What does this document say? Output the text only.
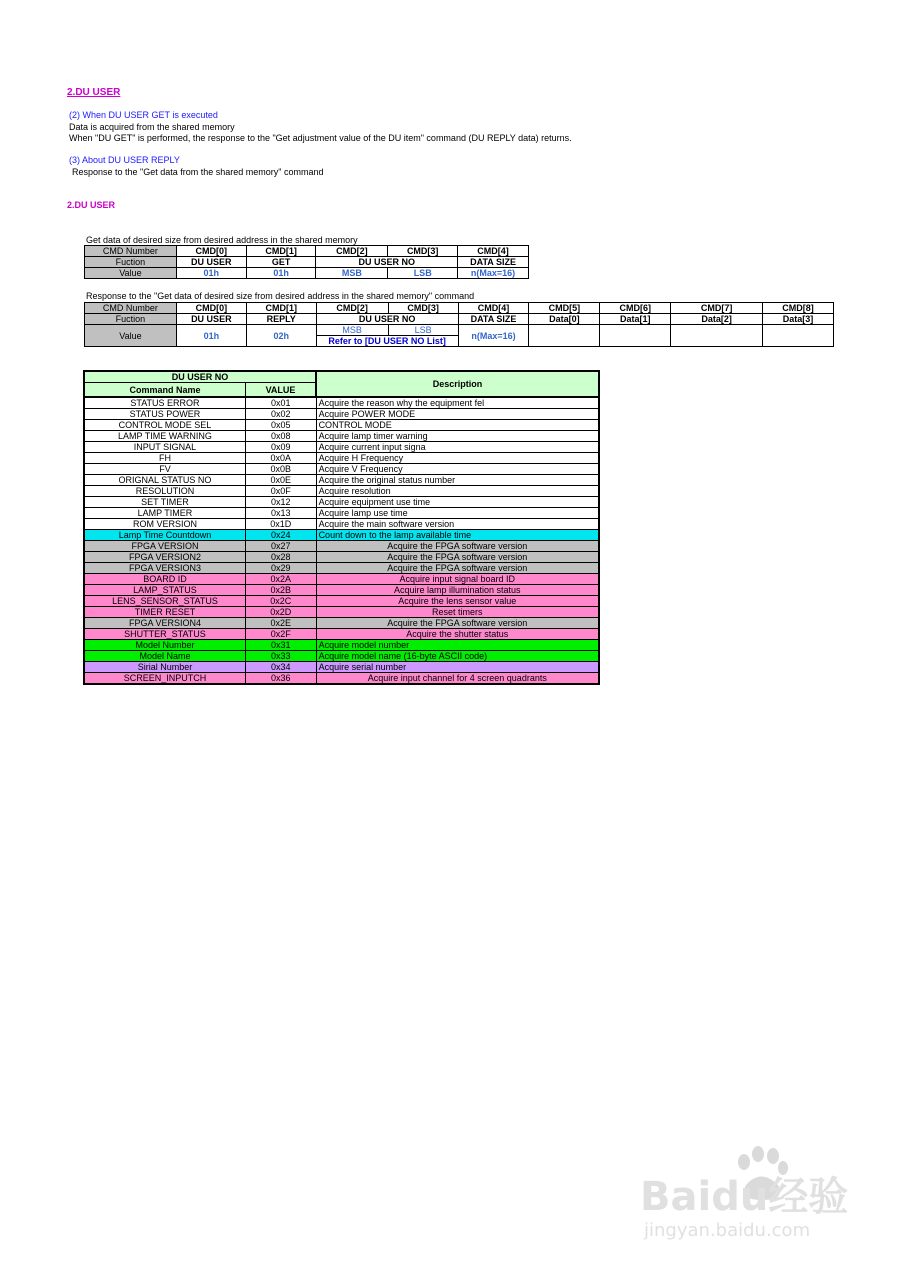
2.DU USER
(2) When DU USER GET is executed
Data is acquired from the shared memory
When "DU GET" is performed, the response to the "Get adjustment value of the DU item" command (DU REPLY data) returns.
(3) About DU USER REPLY
Response to the "Get data from the shared memory" command
2.DU USER
Get data of desired size from desired address in the shared memory
CMD Number	CMD[0]	CMD[1]	CMD[2]	CMD[3]	CMD[4]
Fuction	DU USER	GET	DU USER NO		DATA SIZE
Value	01h	01h	MSB	LSB	n(Max=16)
Response to the "Get data of desired size from desired address in the shared memory" command
CMD Number	CMD[0]	CMD[1]	CMD[2]	CMD[3]	CMD[4]	CMD[5]	CMD[6]	CMD[7]	CMD[8]
Fuction	DU USER	REPLY	DU USER NO		DATA SIZE	Data[0]	Data[1]	Data[2]	Data[3]
Value	01h	02h	MSB	LSB	n(Max=16)				
			Refer to [DU USER NO List]						
DU USER NO		Description
Command Name	VALUE	
STATUS ERROR	0x01	Acquire the reason why the equipment fel
STATUS POWER	0x02	Acquire POWER MODE
CONTROL MODE SEL	0x05	CONTROL MODE
LAMP TIME WARNING	0x08	Acquire lamp timer warning
INPUT SIGNAL	0x09	Acquire current input signa
FH	0x0A	Acquire H Frequency
FV	0x0B	Acquire V Frequency
ORIGNAL STATUS NO	0x0E	Acquire the original status number
RESOLUTION	0x0F	Acquire resolution
SET TIMER	0x12	Acquire equipment use time
LAMP TIMER	0x13	Acquire lamp use time
ROM VERSION	0x1D	Acquire the main software version
Lamp Time Countdown	0x24	Count down to the lamp available time
FPGA VERSION	0x27	Acquire the FPGA software version
FPGA VERSION2	0x28	Acquire the FPGA software version
FPGA VERSION3	0x29	Acquire the FPGA software version
BOARD ID	0x2A	Acquire input signal board ID
LAMP_STATUS	0x2B	Acquire lamp illumination status
LENS_SENSOR_STATUS	0x2C	Acquire the lens sensor value
TIMER RESET	0x2D	Reset timers
FPGA VERSION4	0x2E	Acquire the FPGA software version
SHUTTER_STATUS	0x2F	Acquire the shutter status
Model Number	0x31	Acquire model number
Model Name	0x33	Acquire model name (16-byte ASCII code)
Sirial Number	0x34	Acquire serial number
SCREEN_INPUTCH	0x36	Acquire input channel for 4 screen quadrants
Baidu经验
jingyan.baidu.com
